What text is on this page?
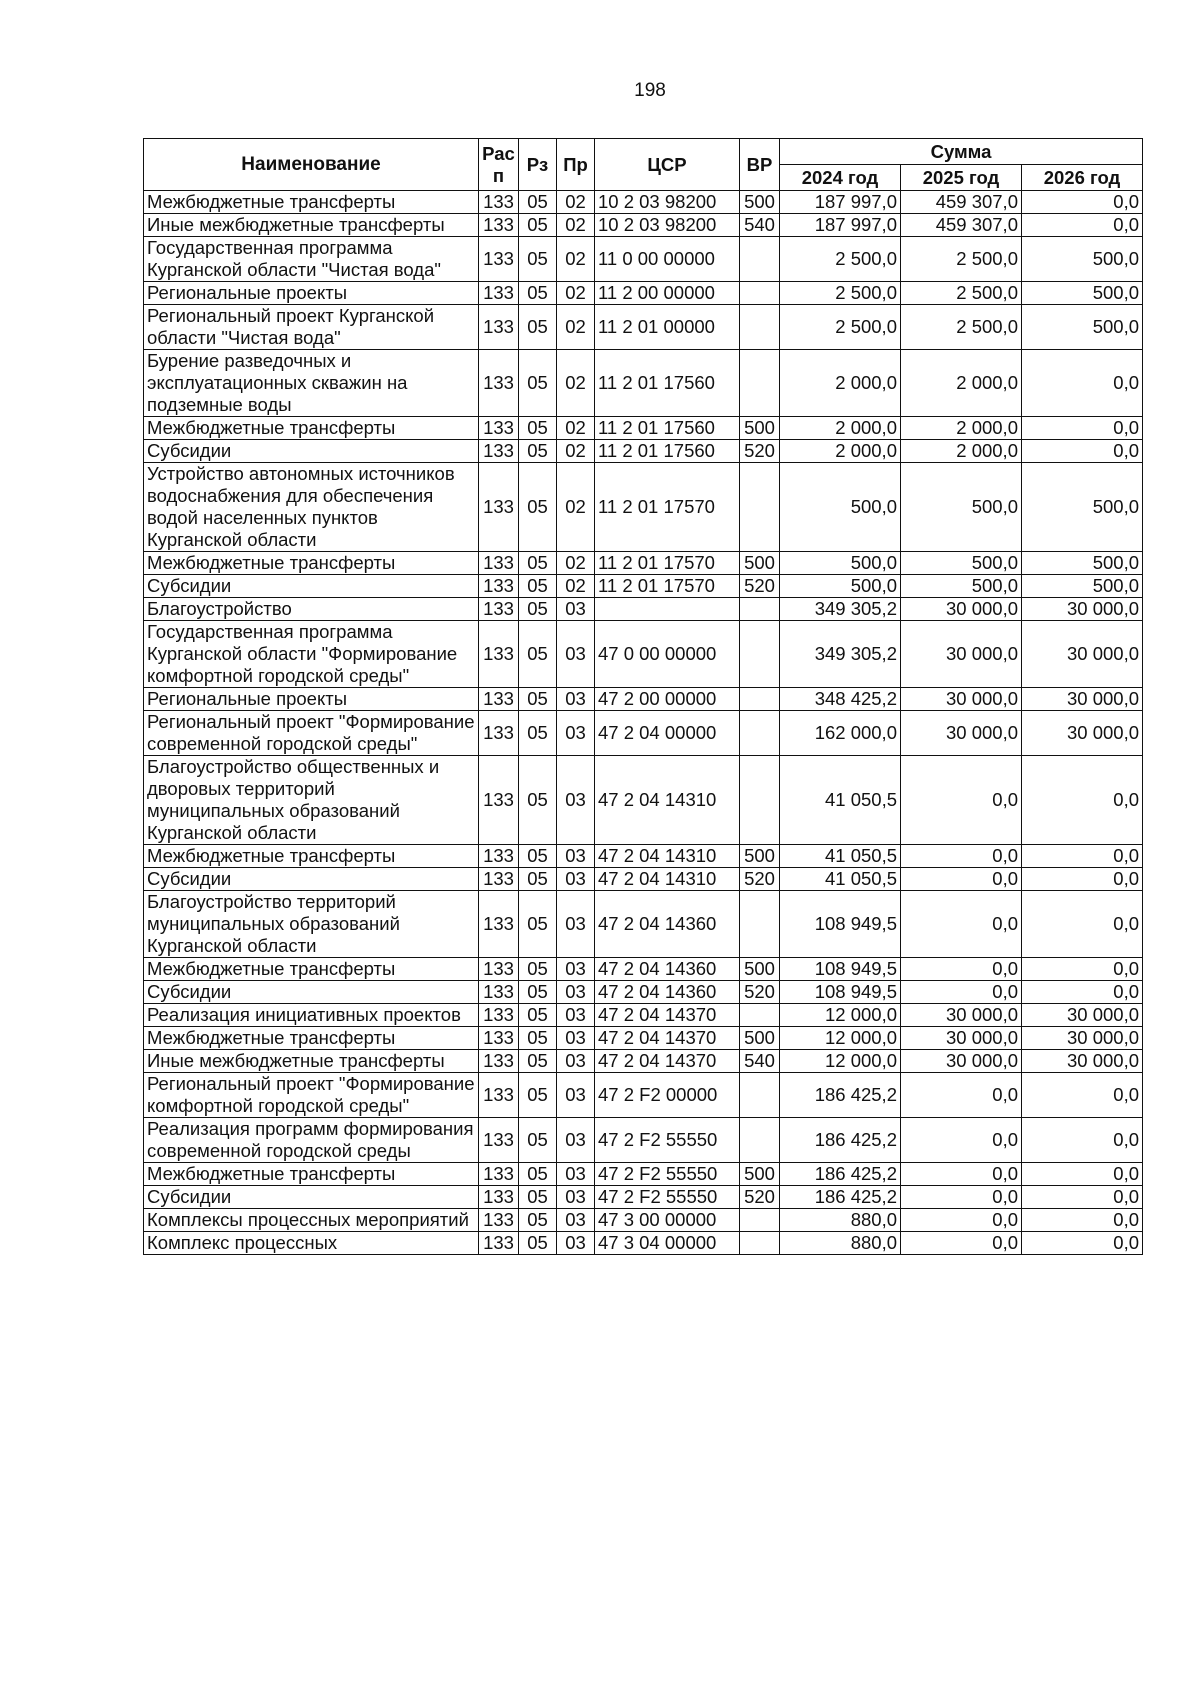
198
Наименование	Рас п	Рз	Пр	ЦСР	ВР	Сумма		
						2024 год	2025 год	2026 год
Межбюджетные трансферты	133	05	02	10 2 03 98200	500	187 997,0	459 307,0	0,0
Иные межбюджетные трансферты	133	05	02	10 2 03 98200	540	187 997,0	459 307,0	0,0
Государственная программа Курганской области "Чистая вода"	133	05	02	11 0 00 00000		2 500,0	2 500,0	500,0
Региональные проекты	133	05	02	11 2 00 00000		2 500,0	2 500,0	500,0
Региональный проект Курганской области "Чистая вода"	133	05	02	11 2 01 00000		2 500,0	2 500,0	500,0
Бурение разведочных и эксплуатационных скважин на подземные воды	133	05	02	11 2 01 17560		2 000,0	2 000,0	0,0
Межбюджетные трансферты	133	05	02	11 2 01 17560	500	2 000,0	2 000,0	0,0
Субсидии	133	05	02	11 2 01 17560	520	2 000,0	2 000,0	0,0
Устройство автономных источников водоснабжения для обеспечения водой населенных пунктов Курганской области	133	05	02	11 2 01 17570		500,0	500,0	500,0
Межбюджетные трансферты	133	05	02	11 2 01 17570	500	500,0	500,0	500,0
Субсидии	133	05	02	11 2 01 17570	520	500,0	500,0	500,0
Благоустройство	133	05	03			349 305,2	30 000,0	30 000,0
Государственная программа Курганской области "Формирование комфортной городской среды"	133	05	03	47 0 00 00000		349 305,2	30 000,0	30 000,0
Региональные проекты	133	05	03	47 2 00 00000		348 425,2	30 000,0	30 000,0
Региональный проект "Формирование современной городской среды"	133	05	03	47 2 04 00000		162 000,0	30 000,0	30 000,0
Благоустройство общественных и дворовых территорий муниципальных образований Курганской области	133	05	03	47 2 04 14310		41 050,5	0,0	0,0
Межбюджетные трансферты	133	05	03	47 2 04 14310	500	41 050,5	0,0	0,0
Субсидии	133	05	03	47 2 04 14310	520	41 050,5	0,0	0,0
Благоустройство территорий муниципальных образований Курганской области	133	05	03	47 2 04 14360		108 949,5	0,0	0,0
Межбюджетные трансферты	133	05	03	47 2 04 14360	500	108 949,5	0,0	0,0
Субсидии	133	05	03	47 2 04 14360	520	108 949,5	0,0	0,0
Реализация инициативных проектов	133	05	03	47 2 04 14370		12 000,0	30 000,0	30 000,0
Межбюджетные трансферты	133	05	03	47 2 04 14370	500	12 000,0	30 000,0	30 000,0
Иные межбюджетные трансферты	133	05	03	47 2 04 14370	540	12 000,0	30 000,0	30 000,0
Региональный проект "Формирование комфортной городской среды"	133	05	03	47 2 F2 00000		186 425,2	0,0	0,0
Реализация программ формирования современной городской среды	133	05	03	47 2 F2 55550		186 425,2	0,0	0,0
Межбюджетные трансферты	133	05	03	47 2 F2 55550	500	186 425,2	0,0	0,0
Субсидии	133	05	03	47 2 F2 55550	520	186 425,2	0,0	0,0
Комплексы процессных мероприятий	133	05	03	47 3 00 00000		880,0	0,0	0,0
Комплекс процессных	133	05	03	47 3 04 00000		880,0	0,0	0,0
